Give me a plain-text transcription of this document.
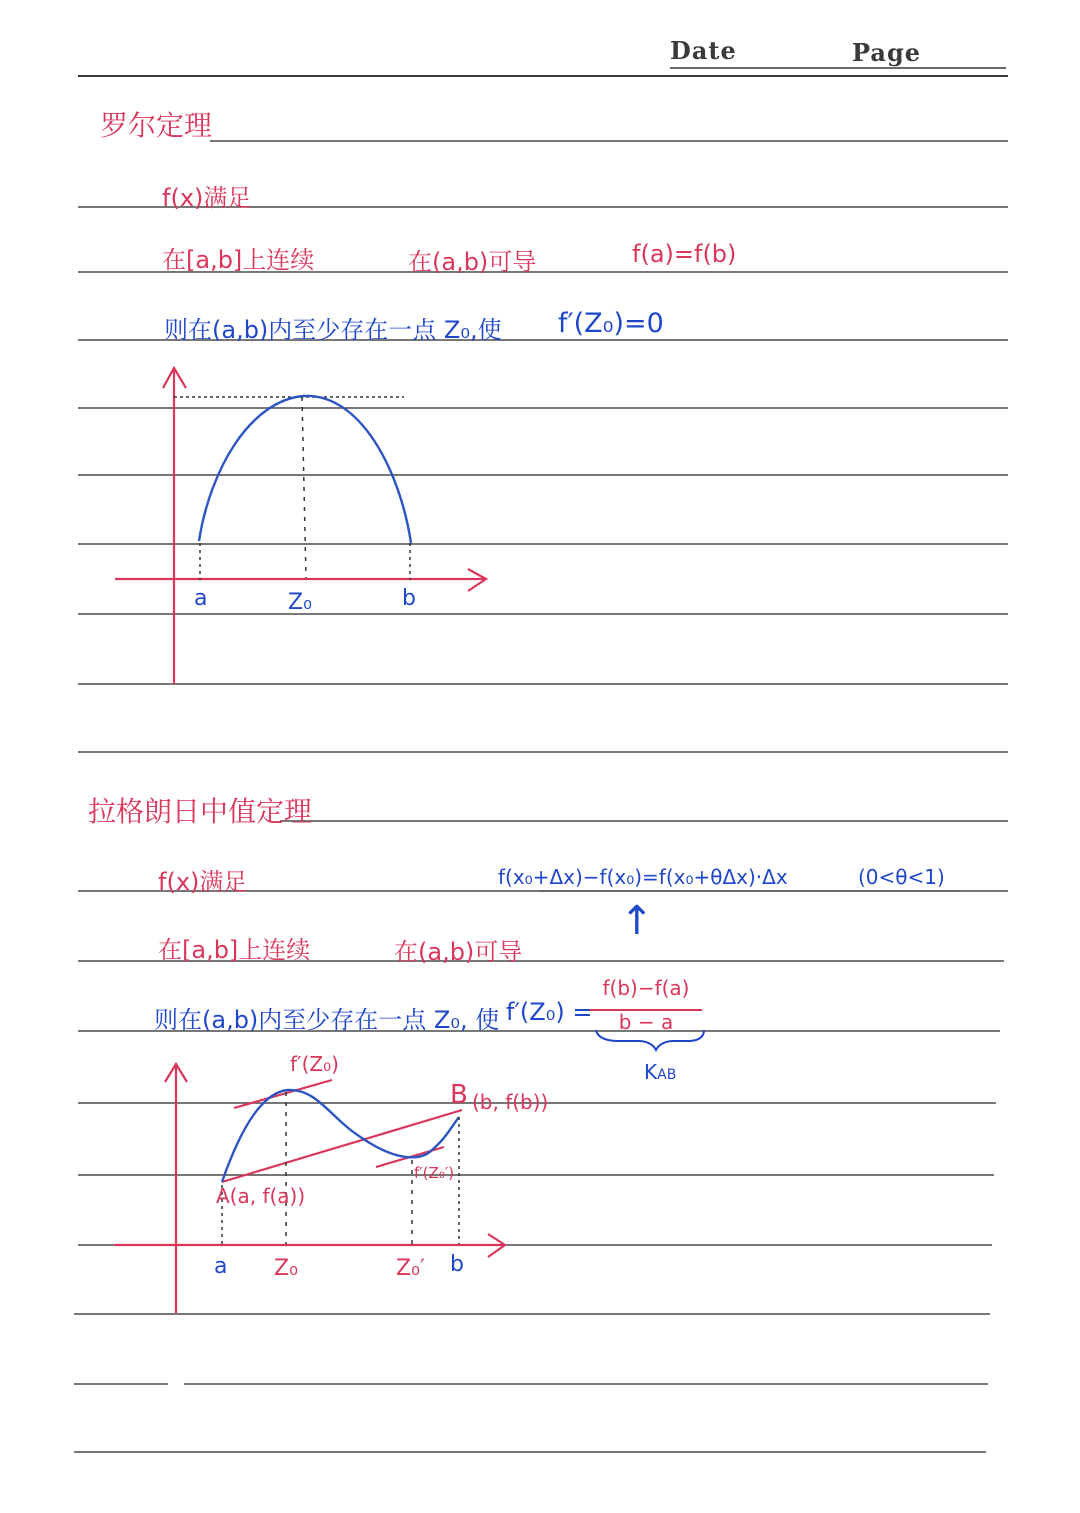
Date	Page
罗尔定理
f(x)满足
在[a,b]上连续	在(a,b)可导	f(a)=f(b)
则在(a,b)内至少存在一点 Z₀,使 f′(Z₀)=0
a	Z₀	b
拉格朗日中值定理
f(x)满足	f(x₀+Δx)−f(x₀)=f(x₀+θΔx)·Δx	(0<θ<1)
↑
在[a,b]上连续	在(a,b)可导
则在(a,b)内至少存在一点 Z₀, 使 f′(Z₀) =
f(b)−f(a)
b − a
KAB
f′(Z₀)
B (b, f(b))
A(a, f(a))
f′(Z₀′)
a Z₀	Z₀′ b
